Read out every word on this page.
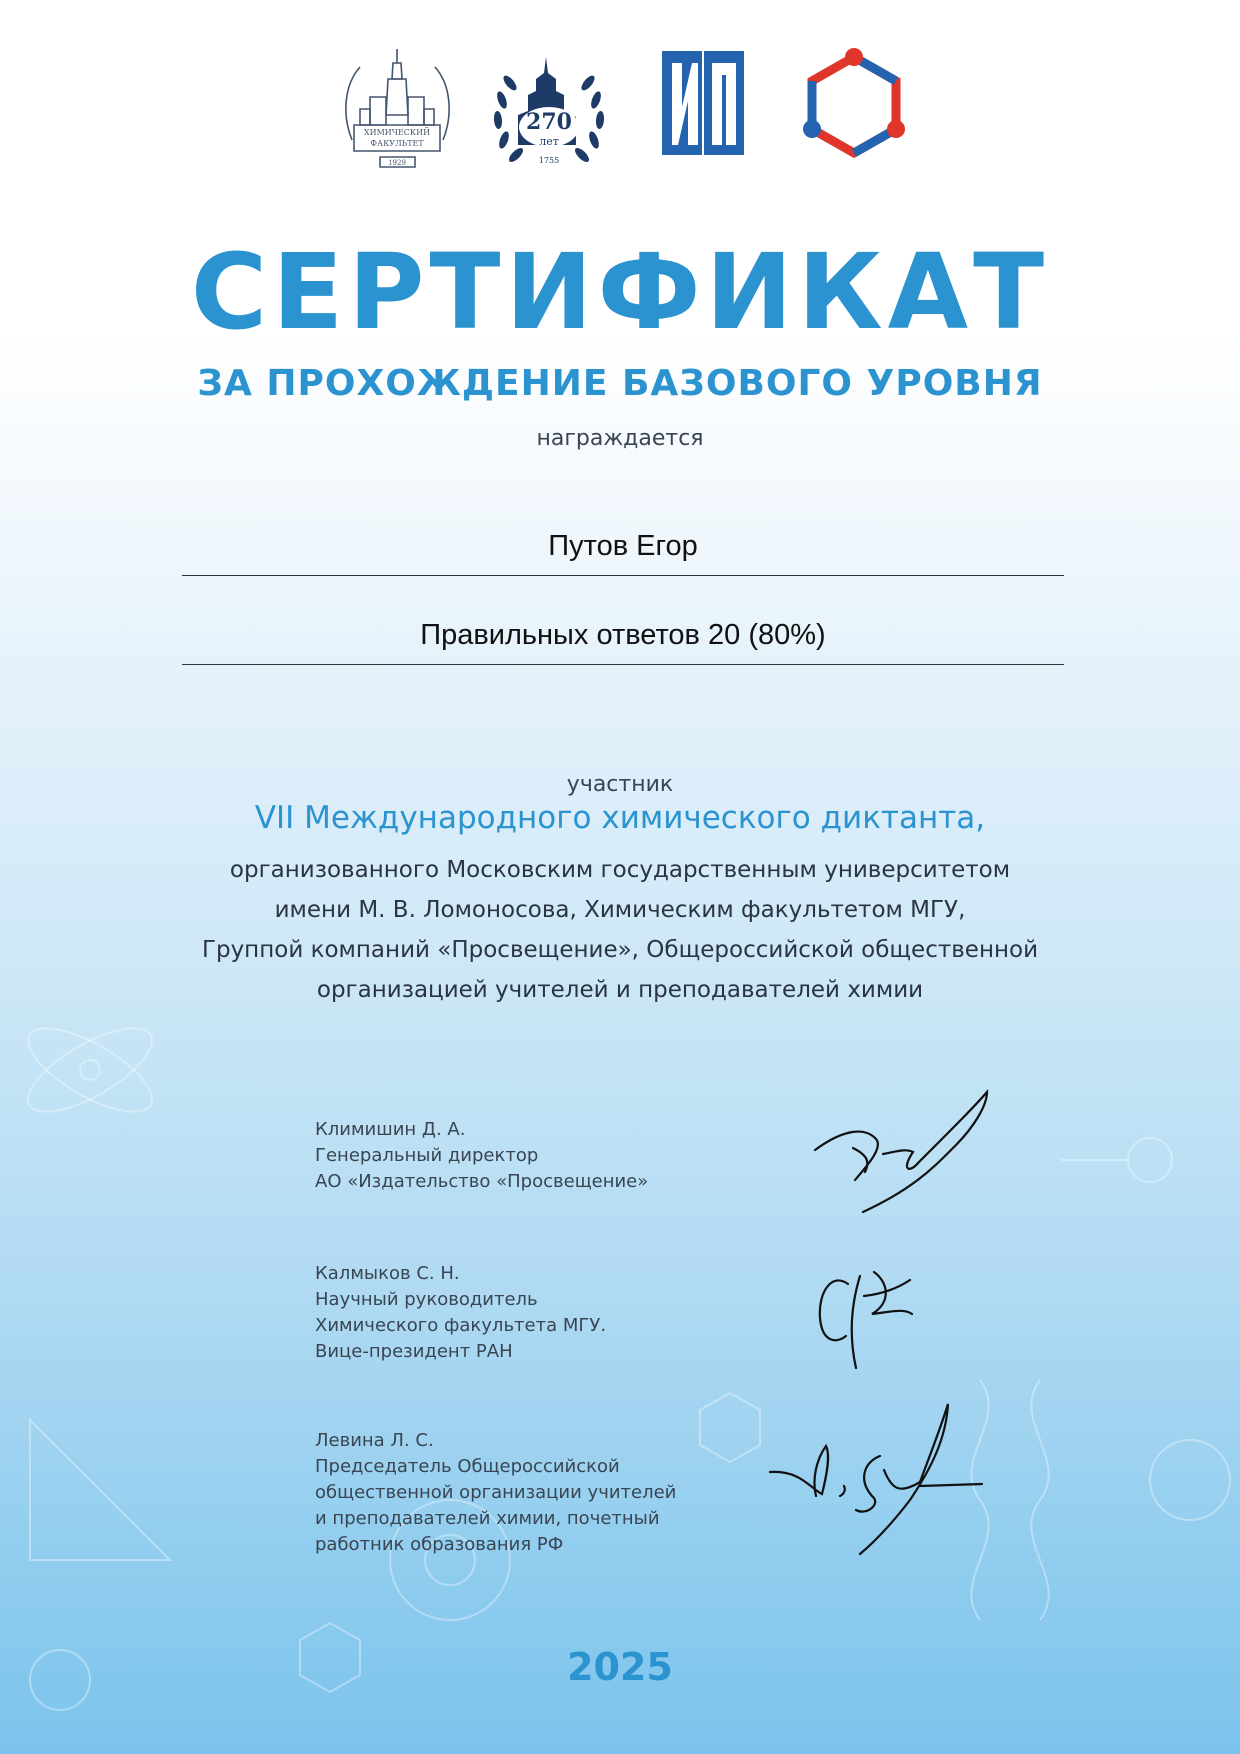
ХИМИЧЕСКИЙ
ФАКУЛЬТЕТ
1929
270
лет
1755
СЕРТИФИКАТ
ЗА ПРОХОЖДЕНИЕ БАЗОВОГО УРОВНЯ
награждается
Путов Егор
Правильных ответов 20 (80%)
участник
VII Международного химического диктанта,
организованного Московским государственным университетом
имени М. В. Ломоносова, Химическим факультетом МГУ,
Группой компаний «Просвещение», Общероссийской общественной
организацией учителей и преподавателей химии
Климишин Д. А.
Генеральный директор
АО «Издательство «Просвещение»
Калмыков С. Н.
Научный руководитель
Химического факультета МГУ.
Вице-президент РАН
Левина Л. С.
Председатель Общероссийской
общественной организации учителей
и преподавателей химии, почетный
работник образования РФ
2025
